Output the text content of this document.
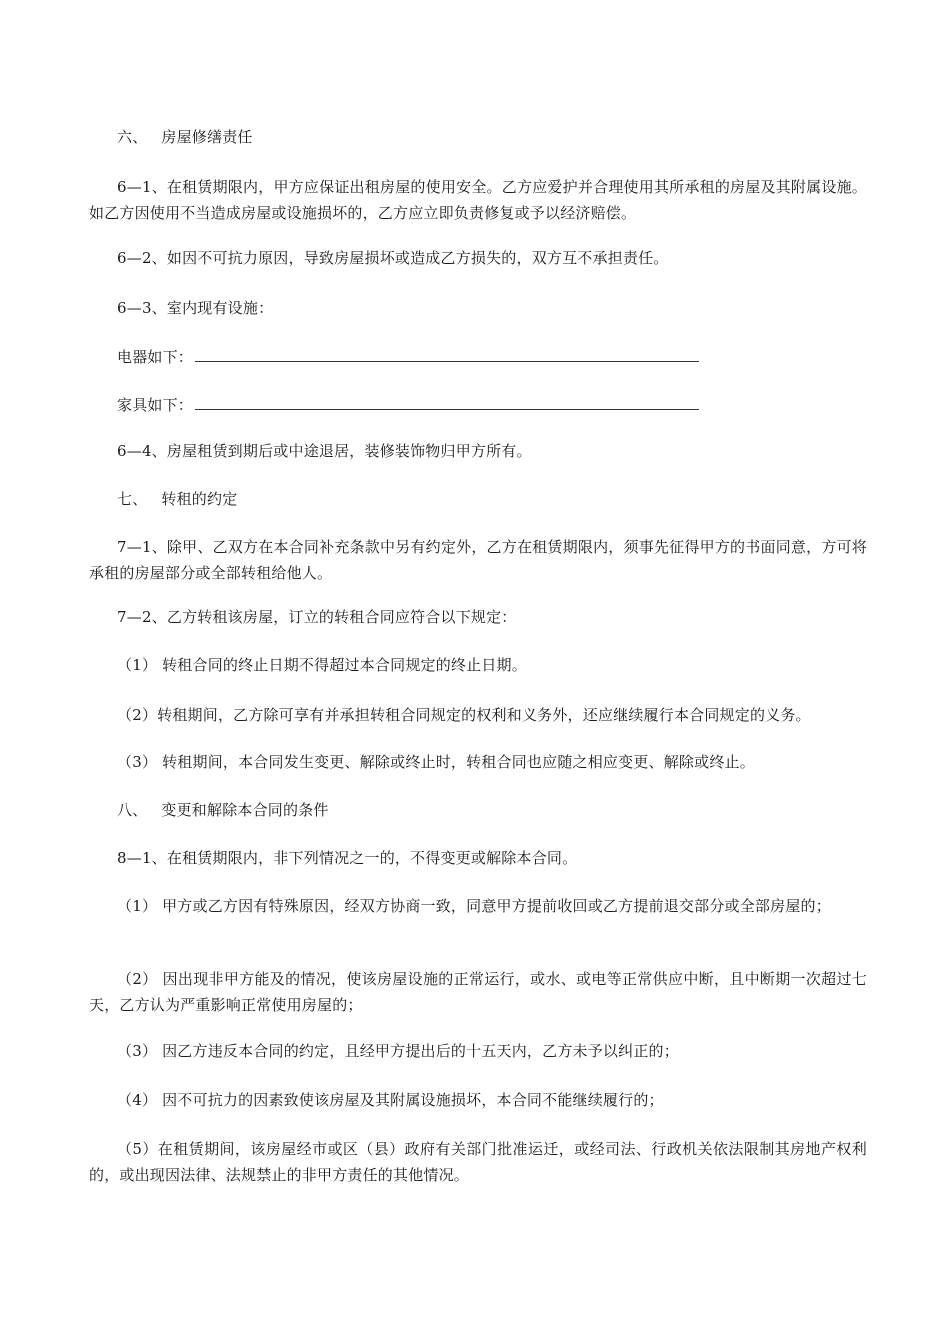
六、 房屋修缮责任
6—1、在租赁期限内，甲方应保证出租房屋的使用安全。乙方应爱护并合理使用其所承租的房屋及其附属设施。如乙方因使用不当造成房屋或设施损坏的，乙方应立即负责修复或予以经济赔偿。
6—2、如因不可抗力原因，导致房屋损坏或造成乙方损失的，双方互不承担责任。
6—3、室内现有设施：
电器如下：
家具如下：
6—4、房屋租赁到期后或中途退居，装修装饰物归甲方所有。
七、 转租的约定
7—1、除甲、乙双方在本合同补充条款中另有约定外，乙方在租赁期限内，须事先征得甲方的书面同意，方可将承租的房屋部分或全部转租给他人。
7—2、乙方转租该房屋，订立的转租合同应符合以下规定：
（1） 转租合同的终止日期不得超过本合同规定的终止日期。
（2）转租期间，乙方除可享有并承担转租合同规定的权利和义务外，还应继续履行本合同规定的义务。
（3） 转租期间，本合同发生变更、解除或终止时，转租合同也应随之相应变更、解除或终止。
八、 变更和解除本合同的条件
8—1、在租赁期限内，非下列情况之一的，不得变更或解除本合同。
（1） 甲方或乙方因有特殊原因，经双方协商一致，同意甲方提前收回或乙方提前退交部分或全部房屋的；
（2） 因出现非甲方能及的情况，使该房屋设施的正常运行，或水、或电等正常供应中断，且中断期一次超过七天，乙方认为严重影响正常使用房屋的；
（3） 因乙方违反本合同的约定，且经甲方提出后的十五天内，乙方未予以纠正的；
（4） 因不可抗力的因素致使该房屋及其附属设施损坏，本合同不能继续履行的；
（5）在租赁期间，该房屋经市或区（县）政府有关部门批准运迁，或经司法、行政机关依法限制其房地产权利的，或出现因法律、法规禁止的非甲方责任的其他情况。
